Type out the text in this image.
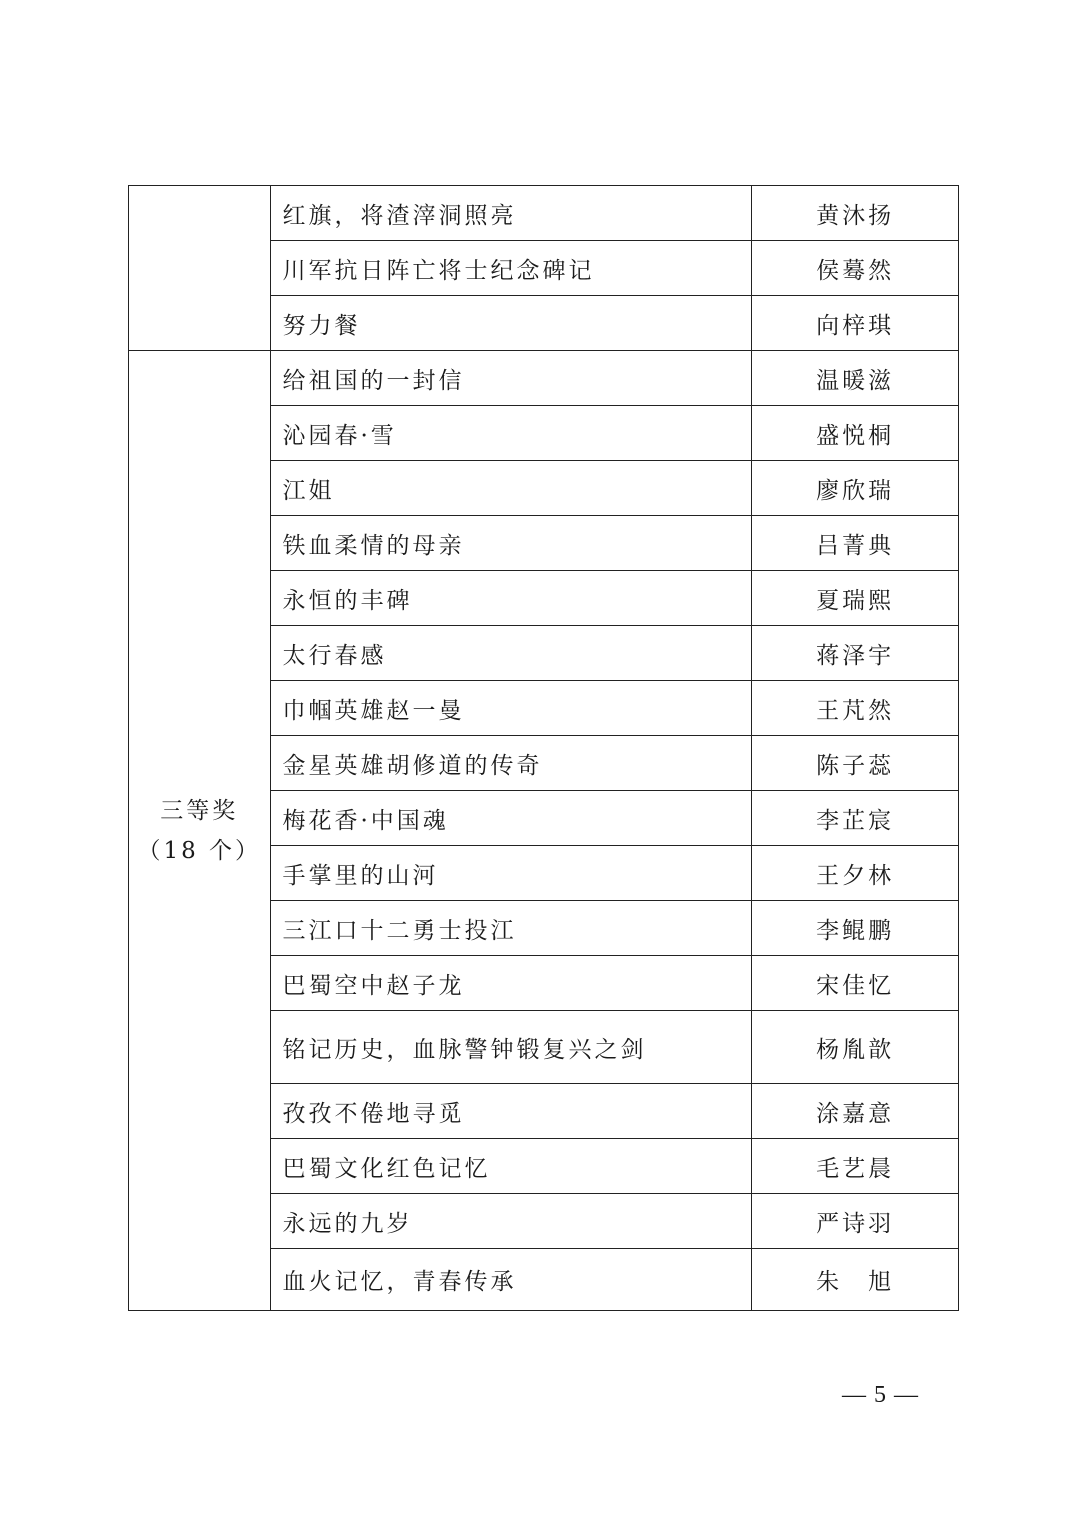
	红旗，将渣滓洞照亮	黄沐扬
	川军抗日阵亡将士纪念碑记	侯蓦然
	努力餐	向梓琪

三等奖
（18 个）	给祖国的一封信	温暖滋
	沁园春·雪	盛悦桐
	江姐	廖欣瑞
	铁血柔情的母亲	吕菁典
	永恒的丰碑	夏瑞熙
	太行春感	蒋泽宇
	巾帼英雄赵一曼	王芃然
	金星英雄胡修道的传奇	陈子蕊
	梅花香·中国魂	李芷宸
	手掌里的山河	王夕林
	三江口十二勇士投江	李鲲鹏
	巴蜀空中赵子龙	宋佳忆
	铭记历史，血脉警钟锻复兴之剑	杨胤歆
	孜孜不倦地寻觅	涂嘉意
	巴蜀文化红色记忆	毛艺晨
	永远的九岁	严诗羽
	血火记忆，青春传承	朱　旭
— 5 —
